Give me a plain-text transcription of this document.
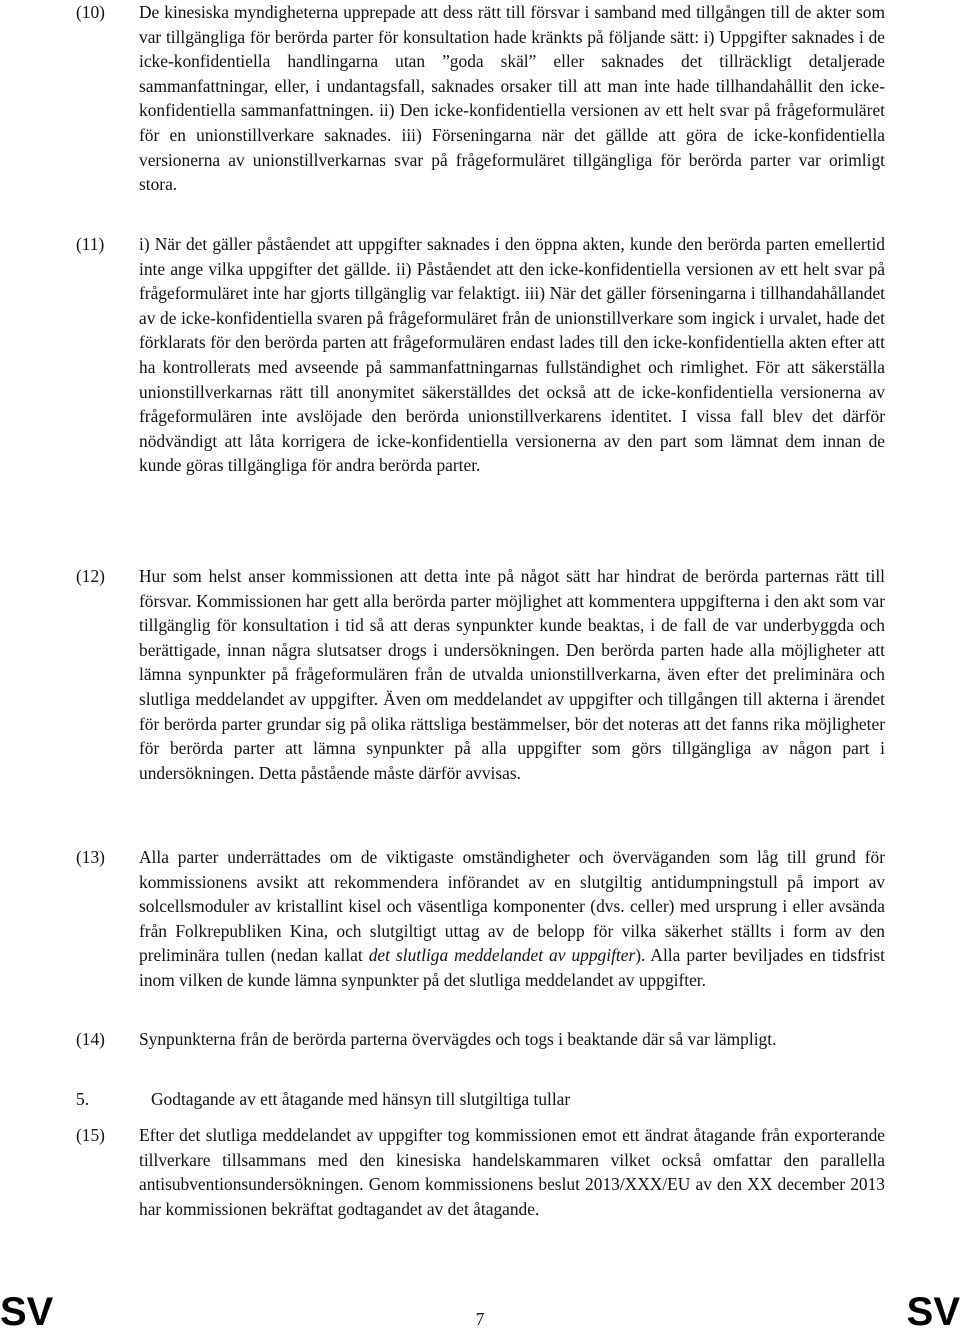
(10) De kinesiska myndigheterna upprepade att dess rätt till försvar i samband med tillgången till de akter som var tillgängliga för berörda parter för konsultation hade kränkts på följande sätt: i) Uppgifter saknades i de icke-konfidentiella handlingarna utan ”goda skäl” eller saknades det tillräckligt detaljerade sammanfattningar, eller, i undantagsfall, saknades orsaker till att man inte hade tillhandahållit den icke-konfidentiella sammanfattningen. ii) Den icke-konfidentiella versionen av ett helt svar på frågeformuläret för en unionstillverkare saknades. iii) Förseningarna när det gällde att göra de icke-konfidentiella versionerna av unionstillverkarnas svar på frågeformuläret tillgängliga för berörda parter var orimligt stora.
(11) i) När det gäller påståendet att uppgifter saknades i den öppna akten, kunde den berörda parten emellertid inte ange vilka uppgifter det gällde. ii) Påståendet att den icke-konfidentiella versionen av ett helt svar på frågeformuläret inte har gjorts tillgänglig var felaktigt. iii) När det gäller förseningarna i tillhandahållandet av de icke-konfidentiella svaren på frågeformuläret från de unionstillverkare som ingick i urvalet, hade det förklarats för den berörda parten att frågeformulären endast lades till den icke-konfidentiella akten efter att ha kontrollerats med avseende på sammanfattningarnas fullständighet och rimlighet. För att säkerställa unionstillverkarnas rätt till anonymitet säkerställdes det också att de icke-konfidentiella versionerna av frågeformulären inte avslöjade den berörda unionstillverkarens identitet. I vissa fall blev det därför nödvändigt att låta korrigera de icke-konfidentiella versionerna av den part som lämnat dem innan de kunde göras tillgängliga för andra berörda parter.
(12) Hur som helst anser kommissionen att detta inte på något sätt har hindrat de berörda parternas rätt till försvar. Kommissionen har gett alla berörda parter möjlighet att kommentera uppgifterna i den akt som var tillgänglig för konsultation i tid så att deras synpunkter kunde beaktas, i de fall de var underbyggda och berättigade, innan några slutsatser drogs i undersökningen. Den berörda parten hade alla möjligheter att lämna synpunkter på frågeformulären från de utvalda unionstillverkarna, även efter det preliminära och slutliga meddelandet av uppgifter. Även om meddelandet av uppgifter och tillgången till akterna i ärendet för berörda parter grundar sig på olika rättsliga bestämmelser, bör det noteras att det fanns rika möjligheter för berörda parter att lämna synpunkter på alla uppgifter som görs tillgängliga av någon part i undersökningen. Detta påstående måste därför avvisas.
(13) Alla parter underrättades om de viktigaste omständigheter och överväganden som låg till grund för kommissionens avsikt att rekommendera införandet av en slutgiltig antidumpningstull på import av solcellsmoduler av kristallint kisel och väsentliga komponenter (dvs. celler) med ursprung i eller avsända från Folkrepubliken Kina, och slutgiltigt uttag av de belopp för vilka säkerhet ställts i form av den preliminära tullen (nedan kallat det slutliga meddelandet av uppgifter). Alla parter beviljades en tidsfrist inom vilken de kunde lämna synpunkter på det slutliga meddelandet av uppgifter.
(14) Synpunkterna från de berörda parterna övervägdes och togs i beaktande där så var lämpligt.
5.	Godtagande av ett åtagande med hänsyn till slutgiltiga tullar
(15) Efter det slutliga meddelandet av uppgifter tog kommissionen emot ett ändrat åtagande från exporterande tillverkare tillsammans med den kinesiska handelskammaren vilket också omfattar den parallella antisubventionsundersökningen. Genom kommissionens beslut 2013/XXX/EU av den XX december 2013 har kommissionen bekräftat godtagandet av det åtagande.
SV	7	SV
